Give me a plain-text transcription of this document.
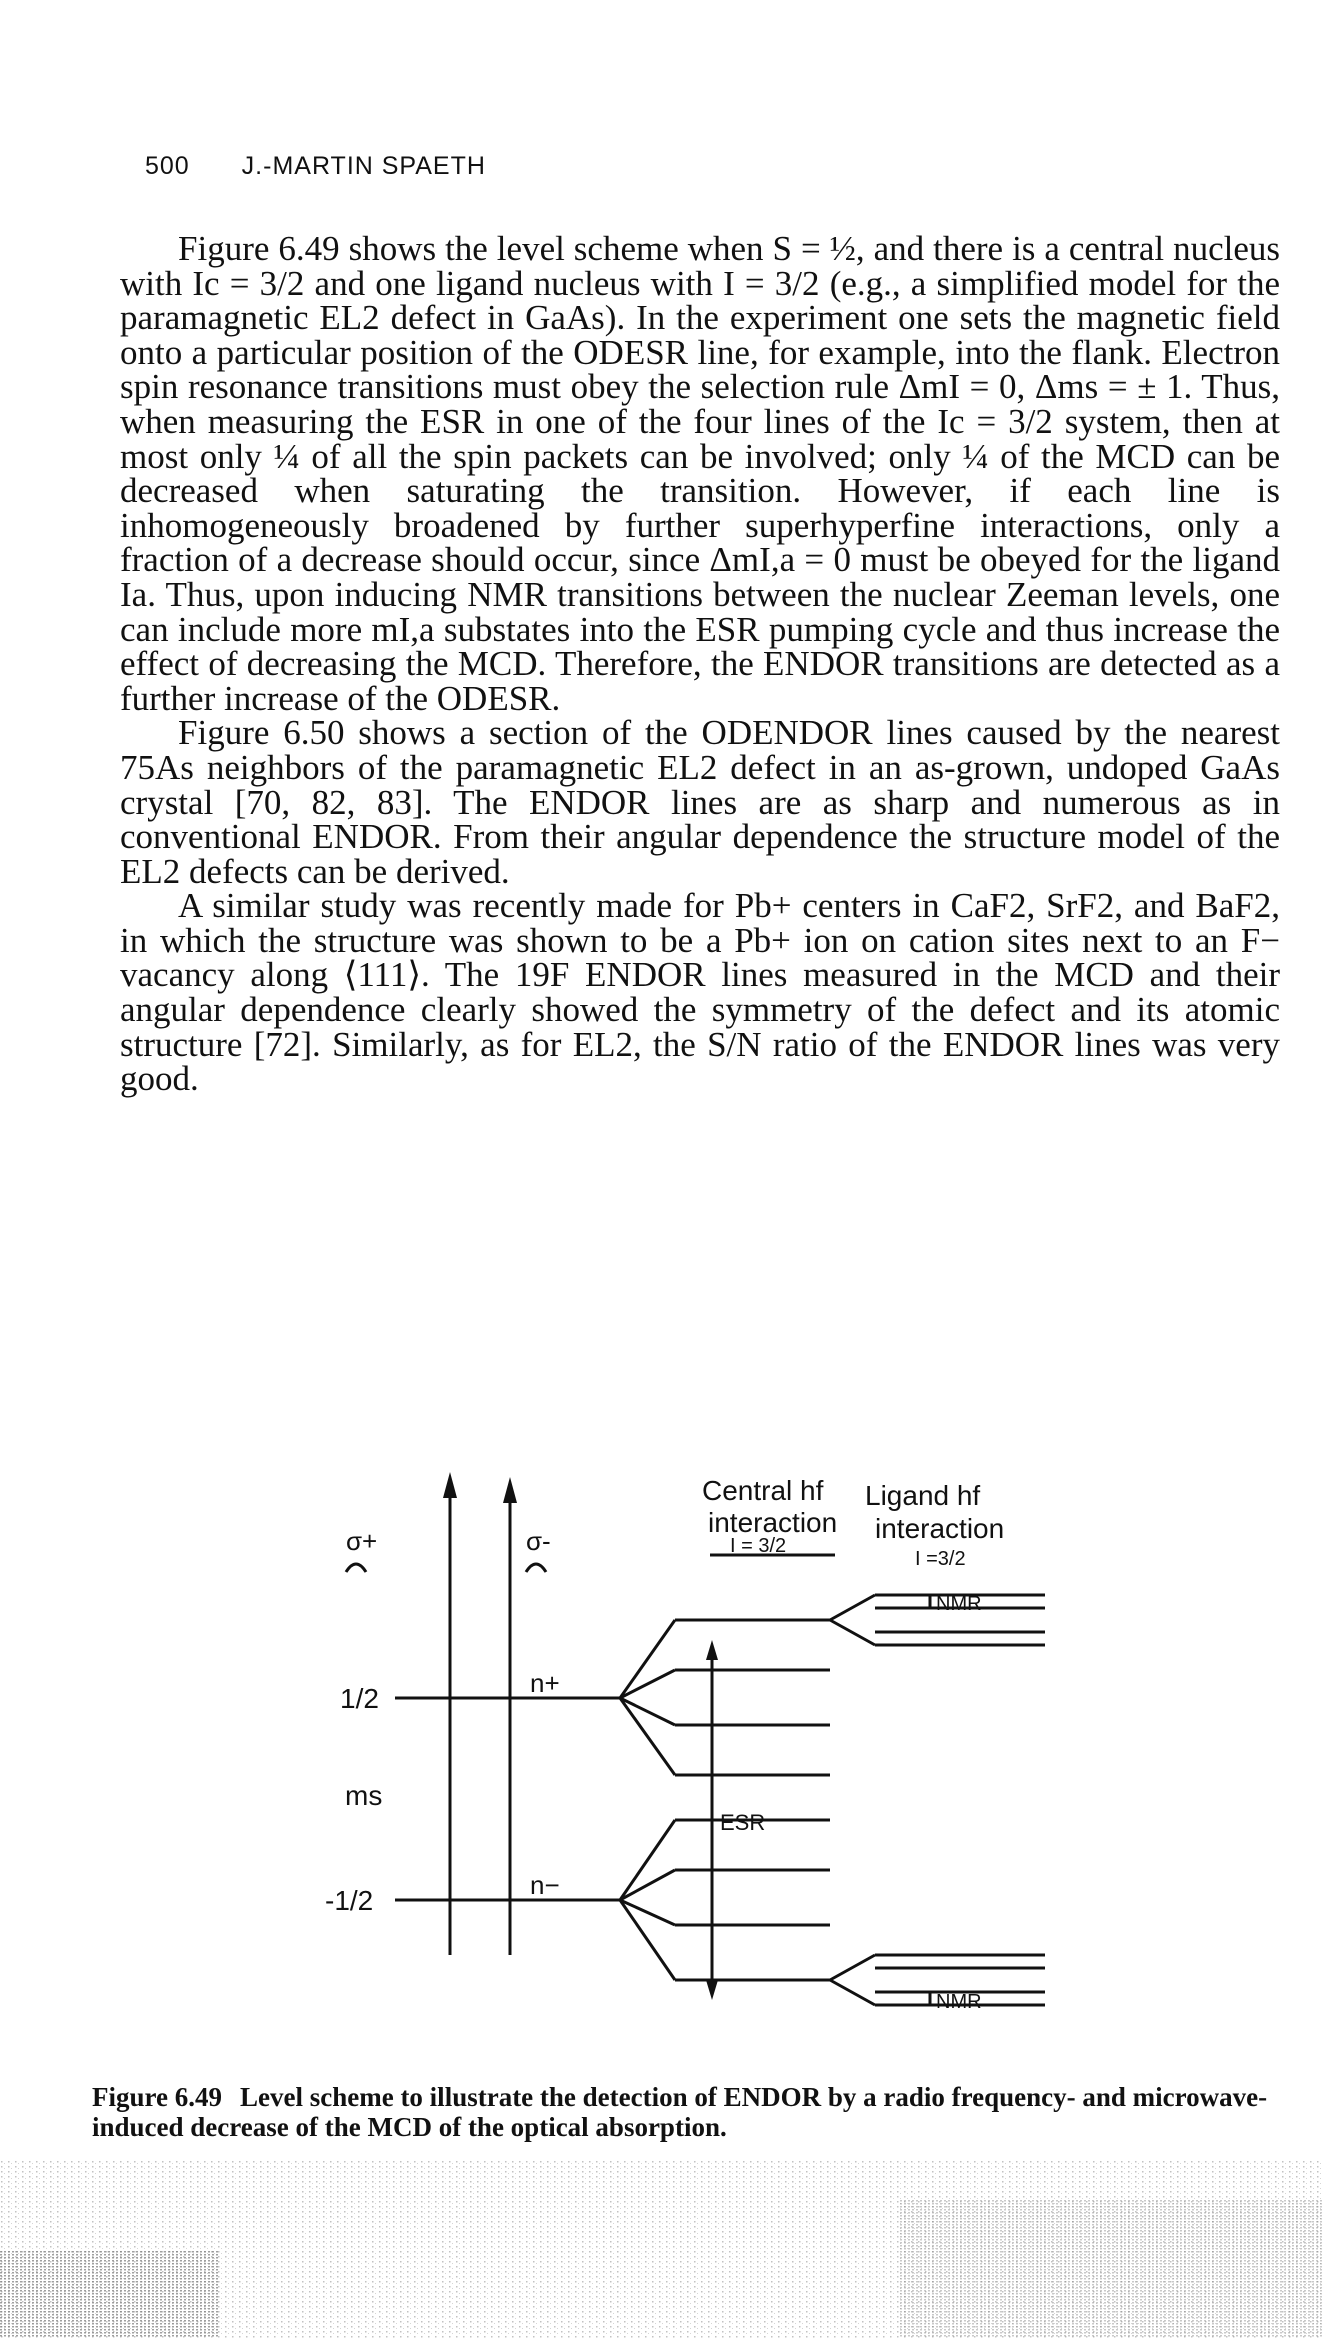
500 J.-MARTIN SPAETH

Figure 6.49 shows the level scheme when S = ½, and there is a central nucleus with Ic = 3/2 and one ligand nucleus with I = 3/2 (e.g., a simplified model for the paramagnetic EL2 defect in GaAs). In the experiment one sets the magnetic field onto a particular position of the ODESR line, for example, into the flank. Electron spin resonance transitions must obey the selection rule ΔmI = 0, Δms = ± 1. Thus, when measuring the ESR in one of the four lines of the Ic = 3/2 system, then at most only ¼ of all the spin packets can be involved; only ¼ of the MCD can be decreased when saturating the transition. However, if each line is inhomogeneously broadened by further superhyperfine interactions, only a fraction of a decrease should occur, since ΔmI,a = 0 must be obeyed for the ligand Ia. Thus, upon inducing NMR transitions between the nuclear Zeeman levels, one can include more mI,a substates into the ESR pumping cycle and thus increase the effect of decreasing the MCD. Therefore, the ENDOR transitions are detected as a further increase of the ODESR.

Figure 6.50 shows a section of the ODENDOR lines caused by the nearest 75As neighbors of the paramagnetic EL2 defect in an as-grown, undoped GaAs crystal [70, 82, 83]. The ENDOR lines are as sharp and numerous as in conventional ENDOR. From their angular dependence the structure model of the EL2 defects can be derived.

A similar study was recently made for Pb+ centers in CaF2, SrF2, and BaF2, in which the structure was shown to be a Pb+ ion on cation sites next to an F− vacancy along ⟨111⟩. The 19F ENDOR lines measured in the MCD and their angular dependence clearly showed the symmetry of the defect and its atomic structure [72]. Similarly, as for EL2, the S/N ratio of the ENDOR lines was very good.

Central hf
interaction
I = 3/2
Ligand hf
interaction
I =3/2
σ+	σ-
1/2
-1/2
ms
n+
n−
ESR
NMR
NMR
Figure 6.49 Level scheme to illustrate the detection of ENDOR by a radio frequency- and microwave-induced decrease of the MCD of the optical absorption.
